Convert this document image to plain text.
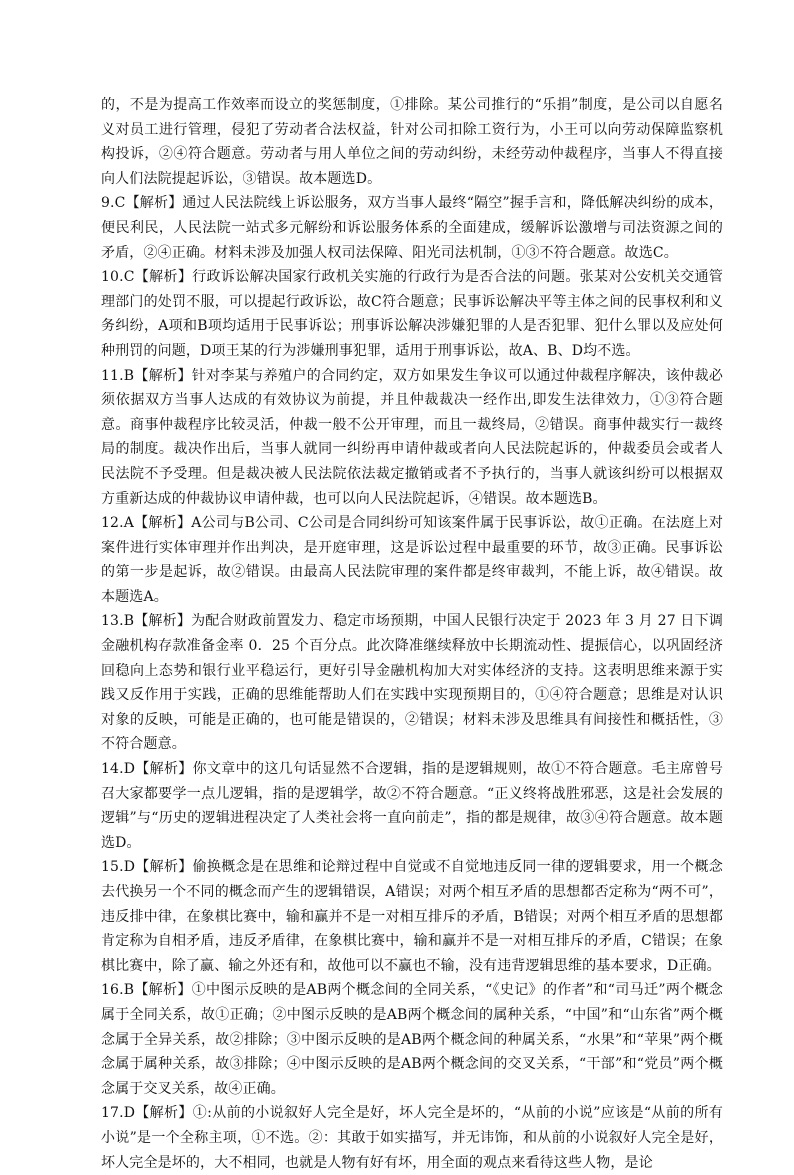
的，不是为提高工作效率而设立的奖惩制度，①排除。某公司推行的“乐捐”制度，是公司以自愿名义对员工进行管理，侵犯了劳动者合法权益，针对公司扣除工资行为，小王可以向劳动保障监察机构投诉，②④符合题意。劳动者与用人单位之间的劳动纠纷，未经劳动仲裁程序，当事人不得直接向人们法院提起诉讼，③错误。故本题选D。

9.C【解析】通过人民法院线上诉讼服务，双方当事人最终“隔空”握手言和，降低解决纠纷的成本，便民利民，人民法院一站式多元解纷和诉讼服务体系的全面建成，缓解诉讼激增与司法资源之间的矛盾，②④正确。材料未涉及加强人权司法保障、阳光司法机制，①③不符合题意。故选C。

10.C【解析】行政诉讼解决国家行政机关实施的行政行为是否合法的问题。张某对公安机关交通管理部门的处罚不服，可以提起行政诉讼，故C符合题意；民事诉讼解决平等主体之间的民事权利和义务纠纷，A项和B项均适用于民事诉讼；刑事诉讼解决涉嫌犯罪的人是否犯罪、犯什么罪以及应处何种刑罚的问题，D项王某的行为涉嫌刑事犯罪，适用于刑事诉讼，故A、B、D均不选。

11.B【解析】针对李某与养殖户的合同约定，双方如果发生争议可以通过仲裁程序解决，该仲裁必须依据双方当事人达成的有效协议为前提，并且仲裁裁决一经作出,即发生法律效力，①③符合题意。商事仲裁程序比较灵活，仲裁一般不公开审理，而且一裁终局，②错误。商事仲裁实行一裁终局的制度。裁决作出后，当事人就同一纠纷再申请仲裁或者向人民法院起诉的，仲裁委员会或者人民法院不予受理。但是裁决被人民法院依法裁定撤销或者不予执行的，当事人就该纠纷可以根据双方重新达成的仲裁协议申请仲裁，也可以向人民法院起诉，④错误。故本题选B。

12.A【解析】A公司与B公司、C公司是合同纠纷可知该案件属于民事诉讼，故①正确。在法庭上对案件进行实体审理并作出判决，是开庭审理，这是诉讼过程中最重要的环节，故③正确。民事诉讼的第一步是起诉，故②错误。由最高人民法院审理的案件都是终审裁判，不能上诉，故④错误。故本题选A。

13.B【解析】为配合财政前置发力、稳定市场预期，中国人民银行决定于 2023 年 3 月 27 日下调金融机构存款准备金率 0．25 个百分点。此次降准继续释放中长期流动性、提振信心，以巩固经济回稳向上态势和银行业平稳运行，更好引导金融机构加大对实体经济的支持。这表明思维来源于实践又反作用于实践，正确的思维能帮助人们在实践中实现预期目的，①④符合题意；思维是对认识对象的反映，可能是正确的，也可能是错误的，②错误；材料未涉及思维具有间接性和概括性，③不符合题意。

14.D【解析】你文章中的这几句话显然不合逻辑，指的是逻辑规则，故①不符合题意。毛主席曾号召大家都要学一点儿逻辑，指的是逻辑学，故②不符合题意。“正义终将战胜邪恶，这是社会发展的逻辑”与“历史的逻辑进程决定了人类社会将一直向前走”，指的都是规律，故③④符合题意。故本题选D。

15.D【解析】偷换概念是在思维和论辩过程中自觉或不自觉地违反同一律的逻辑要求，用一个概念去代换另一个不同的概念而产生的逻辑错误，A错误；对两个相互矛盾的思想都否定称为“两不可”，违反排中律，在象棋比赛中，输和赢并不是一对相互排斥的矛盾，B错误；对两个相互矛盾的思想都肯定称为自相矛盾，违反矛盾律，在象棋比赛中，输和赢并不是一对相互排斥的矛盾，C错误；在象棋比赛中，除了赢、输之外还有和，故他可以不赢也不输，没有违背逻辑思维的基本要求，D正确。

16.B【解析】①中图示反映的是AB两个概念间的全同关系，“《史记》的作者”和“司马迁”两个概念属于全同关系，故①正确；②中图示反映的是AB两个概念间的属种关系，“中国”和“山东省”两个概念属于全异关系，故②排除；③中图示反映的是AB两个概念间的种属关系，“水果”和“苹果”两个概念属于属种关系，故③排除；④中图示反映的是AB两个概念间的交叉关系，“干部”和“党员”两个概念属于交叉关系，故④正确。

17.D【解析】①:从前的小说叙好人完全是好，坏人完全是坏的，“从前的小说”应该是“从前的所有小说”是一个全称主项，①不选。②：其敢于如实描写，并无讳饰，和从前的小说叙好人完全是好，坏人完全是坏的，大不相同，也就是人物有好有坏，用全面的观点来看待这些人物，是论
